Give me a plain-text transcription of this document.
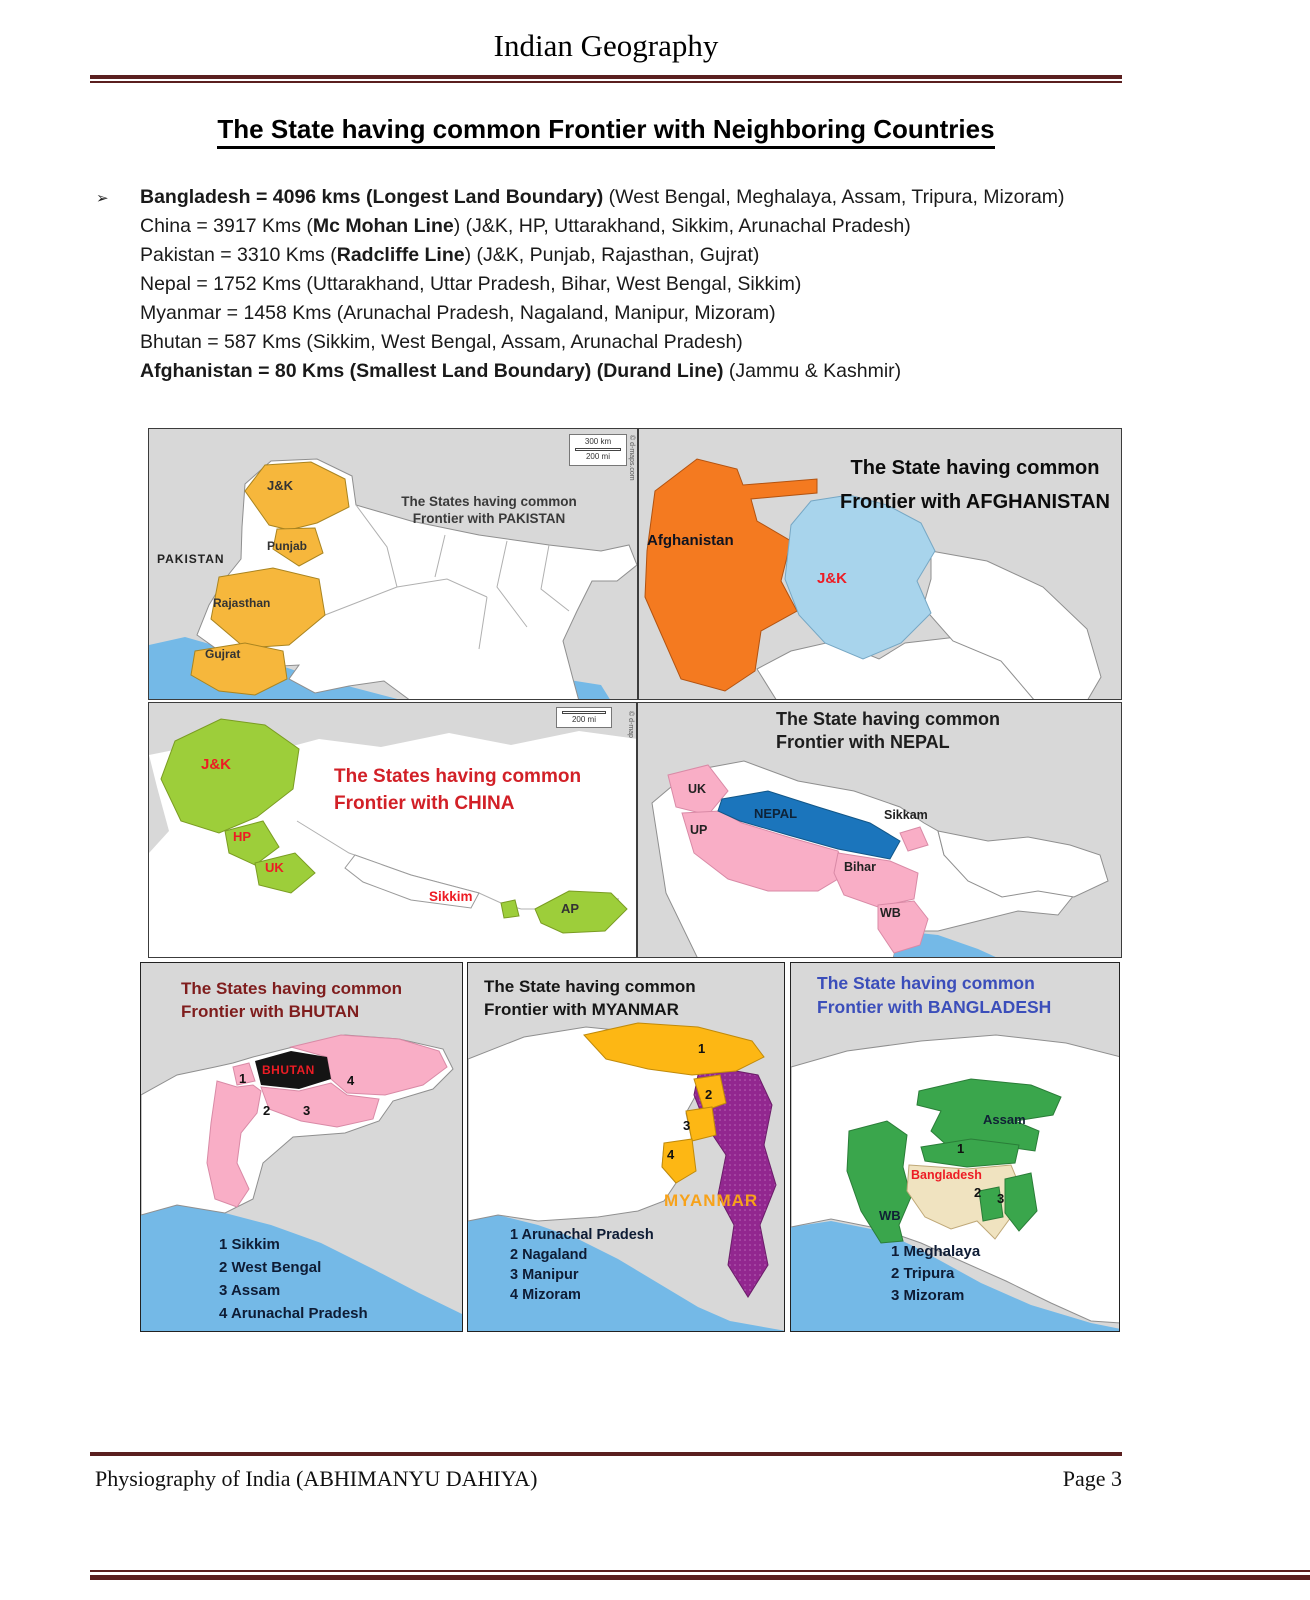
Indian Geography
The State having common Frontier with Neighboring Countries
➢ Bangladesh = 4096 kms (Longest Land Boundary) (West Bengal, Meghalaya, Assam, Tripura, Mizoram)
China = 3917 Kms (Mc Mohan Line) (J&K, HP, Uttarakhand, Sikkim, Arunachal Pradesh)
Pakistan = 3310 Kms (Radcliffe Line) (J&K, Punjab, Rajasthan, Gujrat)
Nepal = 1752 Kms (Uttarakhand, Uttar Pradesh, Bihar, West Bengal, Sikkim)
Myanmar = 1458 Kms (Arunachal Pradesh, Nagaland, Manipur, Mizoram)
Bhutan = 587 Kms (Sikkim, West Bengal, Assam, Arunachal Pradesh)
Afghanistan = 80 Kms (Smallest Land Boundary) (Durand Line) (Jammu & Kashmir)
J&K
Punjab
PAKISTAN
Rajasthan
Gujrat
The States having common
Frontier with PAKISTAN
300 km
200 mi	© d-maps.com
Afghanistan
J&K
The State having common
Frontier with AFGHANISTAN
J&K
HP
UK
Sikkim
AP
The States having common
Frontier with CHINA
200 mi	© d-map	The State having common
Frontier with NEPAL
UK
NEPAL	Sikkam
UP
Bihar
WB
The States having common
Frontier with BHUTAN
BHUTAN
1
2	3
4
1 Sikkim
2 West Bengal
3 Assam
4 Arunachal Pradesh
The State having common
Frontier with MYANMAR
1
2
3
4
MYANMAR
1 Arunachal Pradesh
2 Nagaland
3 Manipur
4 Mizoram
The State having common
Frontier with BANGLADESH
Assam
1
Bangladesh
2 3
WB
1 Meghalaya
2 Tripura
3 Mizoram
Physiography of India (ABHIMANYU DAHIYA)	Page 3
